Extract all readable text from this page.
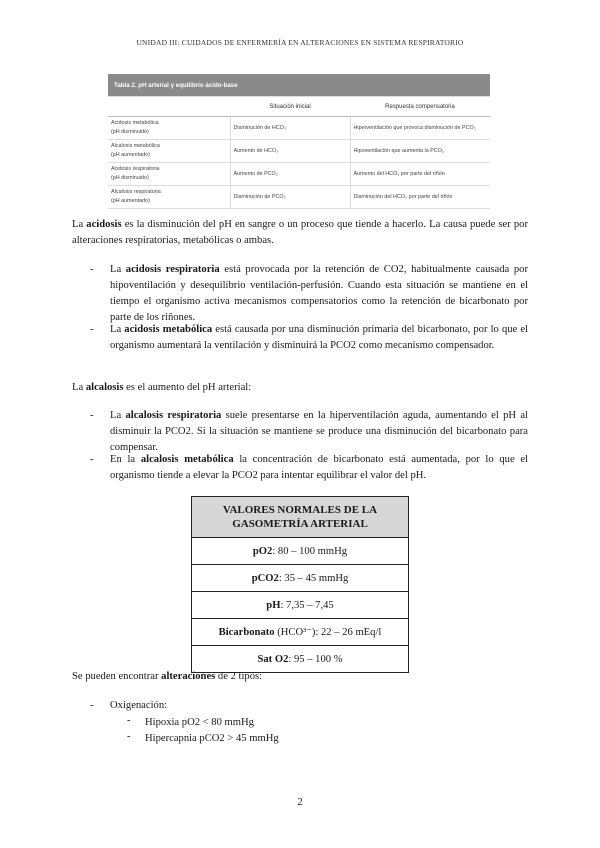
UNIDAD III: CUIDADOS DE ENFERMERÍA EN ALTERACIONES EN SISTEMA RESPIRATORIO
Tabla 2. pH arterial y equilibrio ácido-base		
	Situación inicial	Respuesta compensatoria
Acidosis metabólica
(pH disminuido)	Disminución de HCO₃	Hiperventilación que provoca disminución de PCO₂
Alcalosis metabólica
(pH aumentado)	Aumento de HCO₃	Hipoventilación que aumenta la PCO₂
Acidosis respiratoria
(pH disminuido)	Aumento de PCO₂	Aumento del HCO₃ por parte del riñón
Alcalosis respiratoria
(pH aumentado)	Disminución de PCO₂	Disminución del HCO₃ por parte del riñón
La acidosis es la disminución del pH en sangre o un proceso que tiende a hacerlo. La causa puede ser por alteraciones respiratorias, metabólicas o ambas.
- La acidosis respiratoria está provocada por la retención de CO2, habitualmente causada por hipoventilación y desequilibrio ventilación-perfusión. Cuando esta situación se mantiene en el tiempo el organismo activa mecanismos compensatorios como la retención de bicarbonato por parte de los riñones.
- La acidosis metabólica está causada por una disminución primaria del bicarbonato, por lo que el organismo aumentará la ventilación y disminuirá la PCO2 como mecanismo compensador.
La alcalosis es el aumento del pH arterial:
- La alcalosis respiratoria suele presentarse en la hiperventilación aguda, aumentando el pH al disminuir la PCO2. Si la situación se mantiene se produce una disminución del bicarbonato para compensar.
- En la alcalosis metabólica la concentración de bicarbonato está aumentada, por lo que el organismo tiende a elevar la PCO2 para intentar equilibrar el valor del pH.
VALORES NORMALES DE LA GASOMETRÍA ARTERIAL
pO2: 80 – 100 mmHg
pCO2: 35 – 45 mmHg
pH: 7,35 – 7,45
Bicarbonato (HCO³⁻): 22 – 26 mEq/l
Sat O2: 95 – 100 %
Se pueden encontrar alteraciones de 2 tipos:
- Oxigenación:
- Hipoxia pO2 < 80 mmHg
- Hipercapnia pCO2 > 45 mmHg
2
